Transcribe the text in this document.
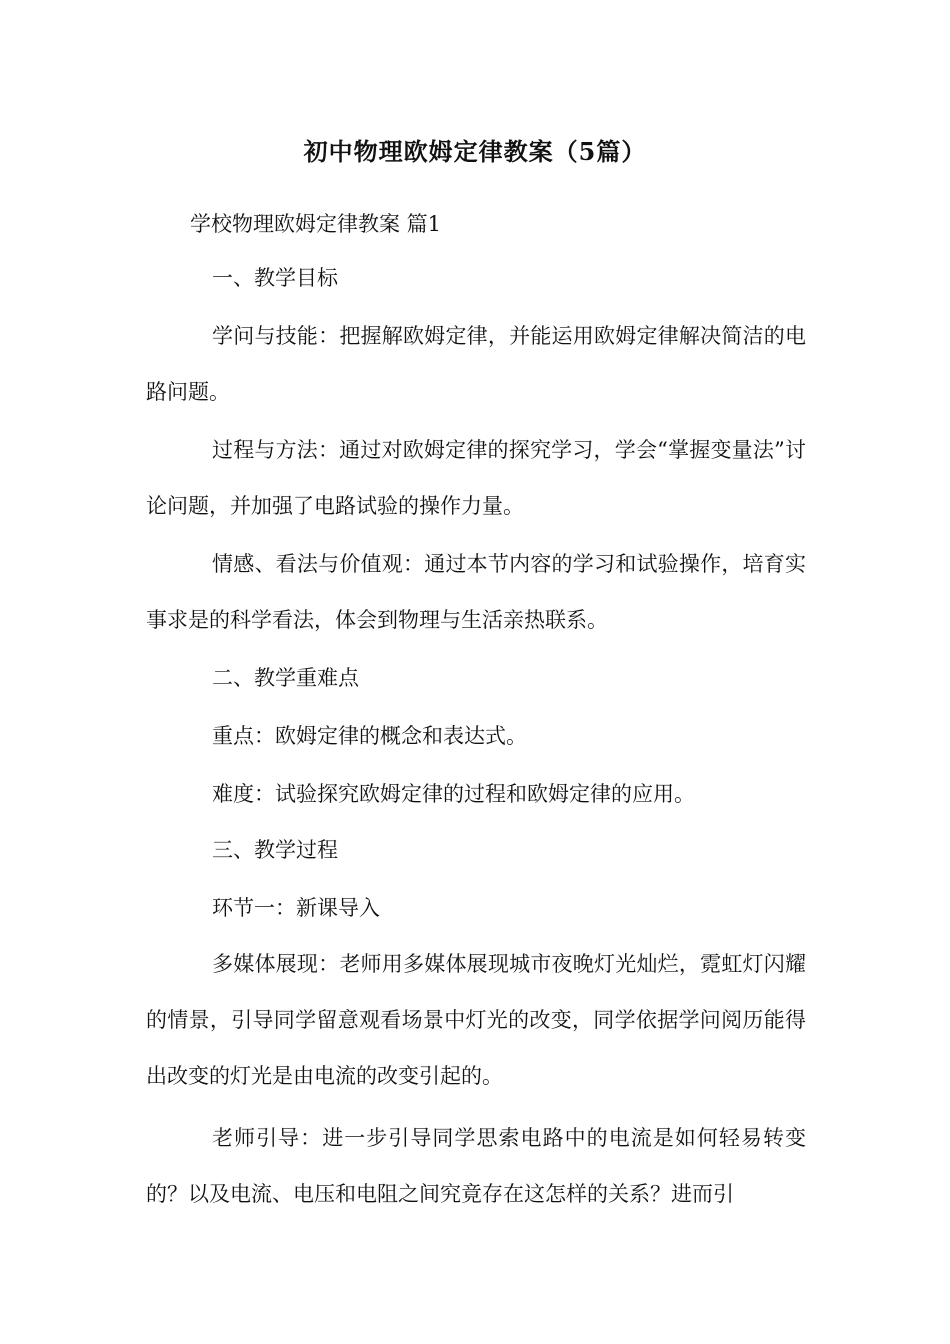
初中物理欧姆定律教案（5篇）
学校物理欧姆定律教案 篇1
一、教学目标
学问与技能：把握解欧姆定律，并能运用欧姆定律解决简洁的电路问题。
过程与方法：通过对欧姆定律的探究学习，学会“掌握变量法”讨论问题，并加强了电路试验的操作力量。
情感、看法与价值观：通过本节内容的学习和试验操作，培育实事求是的科学看法，体会到物理与生活亲热联系。
二、教学重难点
重点：欧姆定律的概念和表达式。
难度：试验探究欧姆定律的过程和欧姆定律的应用。
三、教学过程
环节一：新课导入
多媒体展现：老师用多媒体展现城市夜晚灯光灿烂，霓虹灯闪耀的情景，引导同学留意观看场景中灯光的改变，同学依据学问阅历能得出改变的灯光是由电流的改变引起的。
老师引导：进一步引导同学思索电路中的电流是如何轻易转变的？以及电流、电压和电阻之间究竟存在这怎样的关系？进而引
